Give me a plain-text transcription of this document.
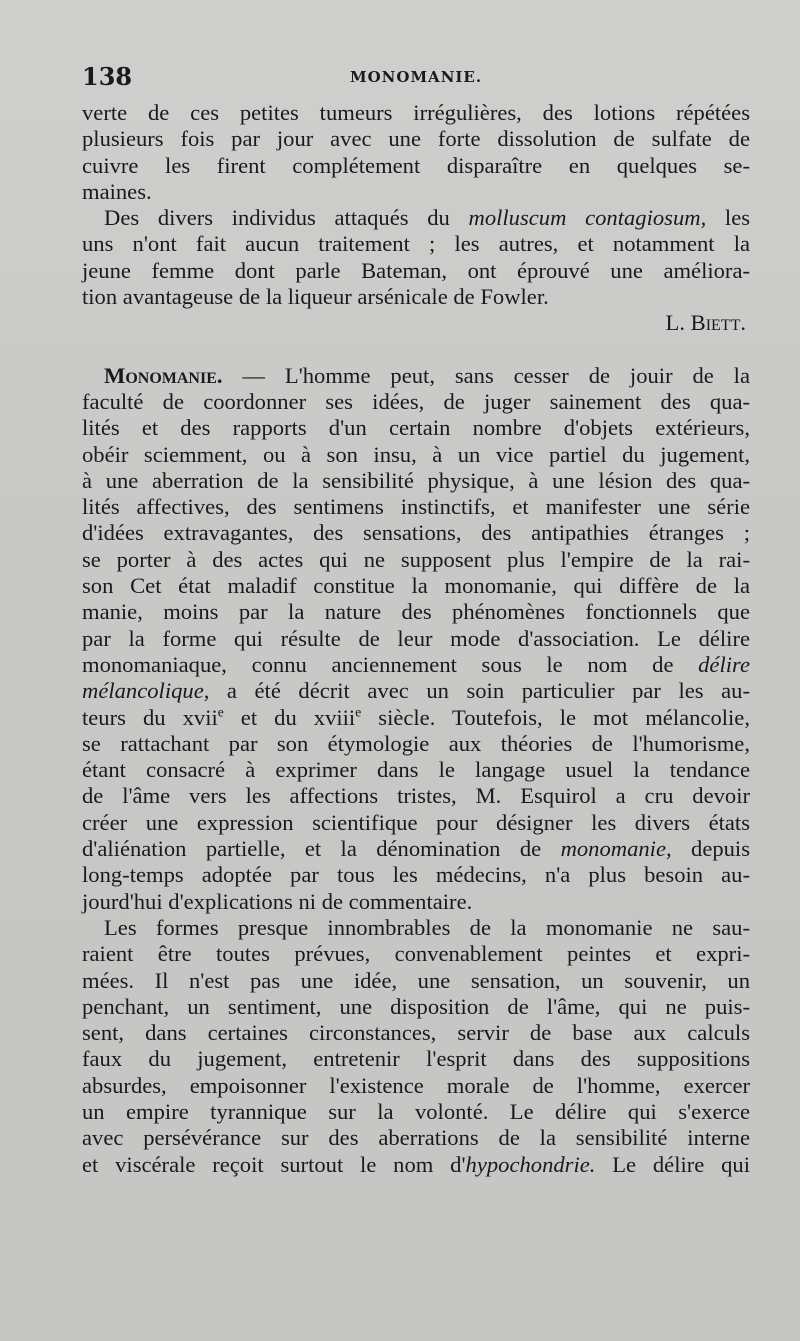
138	MONOMANIE.
verte de ces petites tumeurs irrégulières, des lotions répétées
plusieurs fois par jour avec une forte dissolution de sulfate de
cuivre les firent complétement disparaître en quelques se-
maines.
Des divers individus attaqués du molluscum contagiosum, les
uns n'ont fait aucun traitement ; les autres, et notamment la
jeune femme dont parle Bateman, ont éprouvé une améliora-
tion avantageuse de la liqueur arsénicale de Fowler.
L. Biett.
Monomanie. — L'homme peut, sans cesser de jouir de la
faculté de coordonner ses idées, de juger sainement des qua-
lités et des rapports d'un certain nombre d'objets extérieurs,
obéir sciemment, ou à son insu, à un vice partiel du jugement,
à une aberration de la sensibilité physique, à une lésion des qua-
lités affectives, des sentimens instinctifs, et manifester une série
d'idées extravagantes, des sensations, des antipathies étranges ;
se porter à des actes qui ne supposent plus l'empire de la rai-
son Cet état maladif constitue la monomanie, qui diffère de la
manie, moins par la nature des phénomènes fonctionnels que
par la forme qui résulte de leur mode d'association. Le délire
monomaniaque, connu anciennement sous le nom de délire
mélancolique, a été décrit avec un soin particulier par les au-
teurs du xvii$^e$ et du xviii$^e$ siècle. Toutefois, le mot mélancolie,
se rattachant par son étymologie aux théories de l'humorisme,
étant consacré à exprimer dans le langage usuel la tendance
de l'âme vers les affections tristes, M. Esquirol a cru devoir
créer une expression scientifique pour désigner les divers états
d'aliénation partielle, et la dénomination de monomanie, depuis
long-temps adoptée par tous les médecins, n'a plus besoin au-
jourd'hui d'explications ni de commentaire.
Les formes presque innombrables de la monomanie ne sau-
raient être toutes prévues, convenablement peintes et expri-
mées. Il n'est pas une idée, une sensation, un souvenir, un
penchant, un sentiment, une disposition de l'âme, qui ne puis-
sent, dans certaines circonstances, servir de base aux calculs
faux du jugement, entretenir l'esprit dans des suppositions
absurdes, empoisonner l'existence morale de l'homme, exercer
un empire tyrannique sur la volonté. Le délire qui s'exerce
avec persévérance sur des aberrations de la sensibilité interne
et viscérale reçoit surtout le nom d'hypochondrie. Le délire qui
